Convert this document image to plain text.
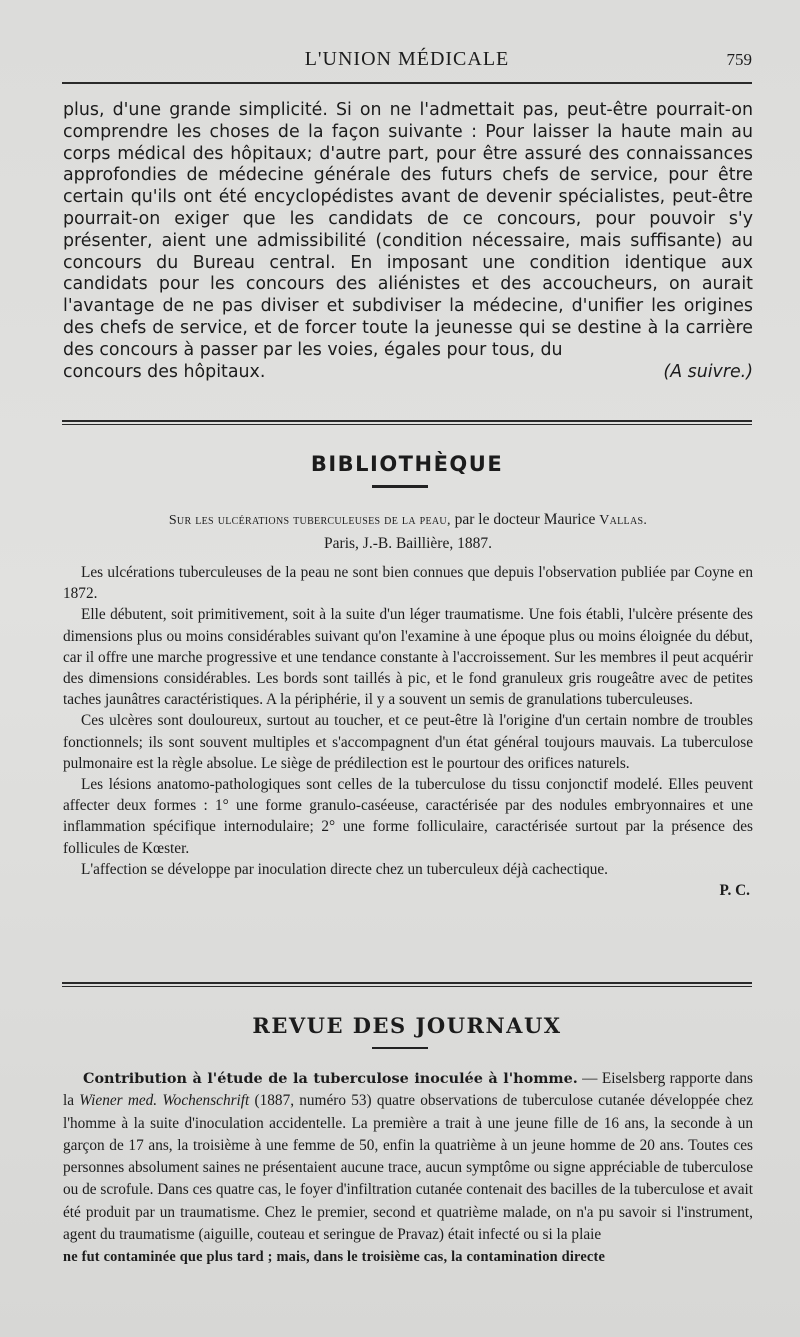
L'UNION MÉDICALE	759
plus, d'une grande simplicité. Si on ne l'admettait pas, peut-être pourrait-on comprendre les choses de la façon suivante : Pour laisser la haute main au corps médical des hôpitaux; d'autre part, pour être assuré des connaissances approfondies de médecine générale des futurs chefs de service, pour être certain qu'ils ont été encyclopédistes avant de devenir spécialistes, peut-être pourrait-on exiger que les candidats de ce concours, pour pouvoir s'y présenter, aient une admissibilité (condition nécessaire, mais suffisante) au concours du Bureau central. En imposant une condition identique aux candidats pour les concours des aliénistes et des accoucheurs, on aurait l'avantage de ne pas diviser et subdiviser la médecine, d'unifier les origines des chefs de service, et de forcer toute la jeunesse qui se destine à la carrière des concours à passer par les voies, égales pour tous, du
concours des hôpitaux.	(A suivre.)
BIBLIOTHÈQUE
Sur les ulcérations tuberculeuses de la peau, par le docteur Maurice Vallas.
Paris, J.-B. Baillière, 1887.

Les ulcérations tuberculeuses de la peau ne sont bien connues que depuis l'observation publiée par Coyne en 1872.

Elle débutent, soit primitivement, soit à la suite d'un léger traumatisme. Une fois établi, l'ulcère présente des dimensions plus ou moins considérables suivant qu'on l'examine à une époque plus ou moins éloignée du début, car il offre une marche progressive et une tendance constante à l'accroissement. Sur les membres il peut acquérir des dimensions considérables. Les bords sont taillés à pic, et le fond granuleux gris rougeâtre avec de petites taches jaunâtres caractéristiques. A la périphérie, il y a souvent un semis de granulations tuberculeuses.

Ces ulcères sont douloureux, surtout au toucher, et ce peut-être là l'origine d'un certain nombre de troubles fonctionnels; ils sont souvent multiples et s'accompagnent d'un état général toujours mauvais. La tuberculose pulmonaire est la règle absolue. Le siège de prédilection est le pourtour des orifices naturels.

Les lésions anatomo-pathologiques sont celles de la tuberculose du tissu conjonctif modelé. Elles peuvent affecter deux formes : 1° une forme granulo-caséeuse, caractérisée par des nodules embryonnaires et une inflammation spécifique internodulaire; 2° une forme folliculaire, caractérisée surtout par la présence des follicules de Kœster.

L'affection se développe par inoculation directe chez un tuberculeux déjà cachectique.

P. C.
REVUE DES JOURNAUX

Contribution à l'étude de la tuberculose inoculée à l'homme. — Eiselsberg rapporte dans la Wiener med. Wochenschrift (1887, numéro 53) quatre observations de tuberculose cutanée développée chez l'homme à la suite d'inoculation accidentelle. La première a trait à une jeune fille de 16 ans, la seconde à un garçon de 17 ans, la troisième à une femme de 50, enfin la quatrième à un jeune homme de 20 ans. Toutes ces personnes absolument saines ne présentaient aucune trace, aucun symptôme ou signe appréciable de tuberculose ou de scrofule. Dans ces quatre cas, le foyer d'infiltration cutanée contenait des bacilles de la tuberculose et avait été produit par un traumatisme. Chez le premier, second et quatrième malade, on n'a pu savoir si l'instrument, agent du traumatisme (aiguille, couteau et seringue de Pravaz) était infecté ou si la plaie

ne fut contaminée que plus tard ; mais, dans le troisième cas, la contamination directe
